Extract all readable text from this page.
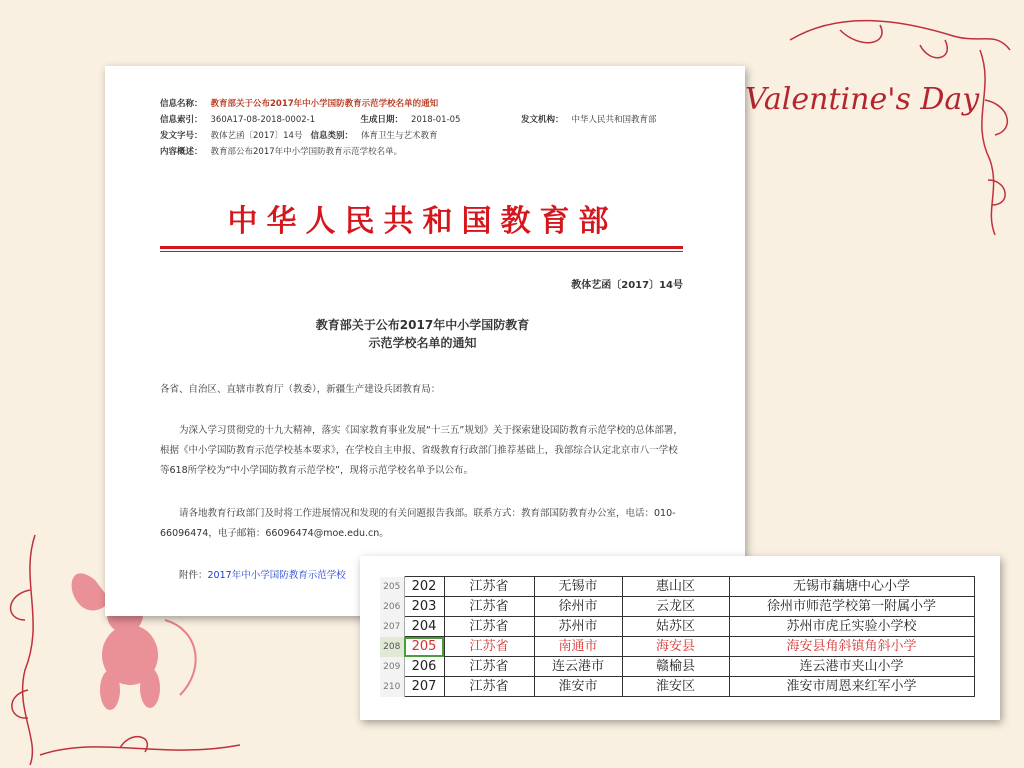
Valentine's Day
信息名称： 教育部关于公布2017年中小学国防教育示范学校名单的通知
信息索引： 360A17-08-2018-0002-1	生成日期： 2018-01-05	发文机构： 中华人民共和国教育部
发文字号： 教体艺函〔2017〕14号 信息类别： 体育卫生与艺术教育
内容概述： 教育部公布2017年中小学国防教育示范学校名单。
中华人民共和国教育部
教体艺函〔2017〕14号
教育部关于公布2017年中小学国防教育
示范学校名单的通知
各省、自治区、直辖市教育厅（教委），新疆生产建设兵团教育局：
为深入学习贯彻党的十九大精神，落实《国家教育事业发展“十三五”规划》关于探索建设国防教育示范学校的总体部署，根据《中小学国防教育示范学校基本要求》，在学校自主申报、省级教育行政部门推荐基础上，我部综合认定北京市八一学校等618所学校为“中小学国防教育示范学校”，现将示范学校名单予以公布。
请各地教育行政部门及时将工作进展情况和发现的有关问题报告我部。联系方式：教育部国防教育办公室，电话：010-66096474，电子邮箱：66096474@moe.edu.cn。
附件：2017年中小学国防教育示范学校
205	202	江苏省	无锡市	惠山区	无锡市藕塘中心小学
206	203	江苏省	徐州市	云龙区	徐州市师范学校第一附属小学
207	204	江苏省	苏州市	姑苏区	苏州市虎丘实验小学校
208	205	江苏省	南通市	海安县	海安县角斜镇角斜小学
209	206	江苏省	连云港市	赣榆县	连云港市夹山小学
210	207	江苏省	淮安市	淮安区	淮安市周恩来红军小学
